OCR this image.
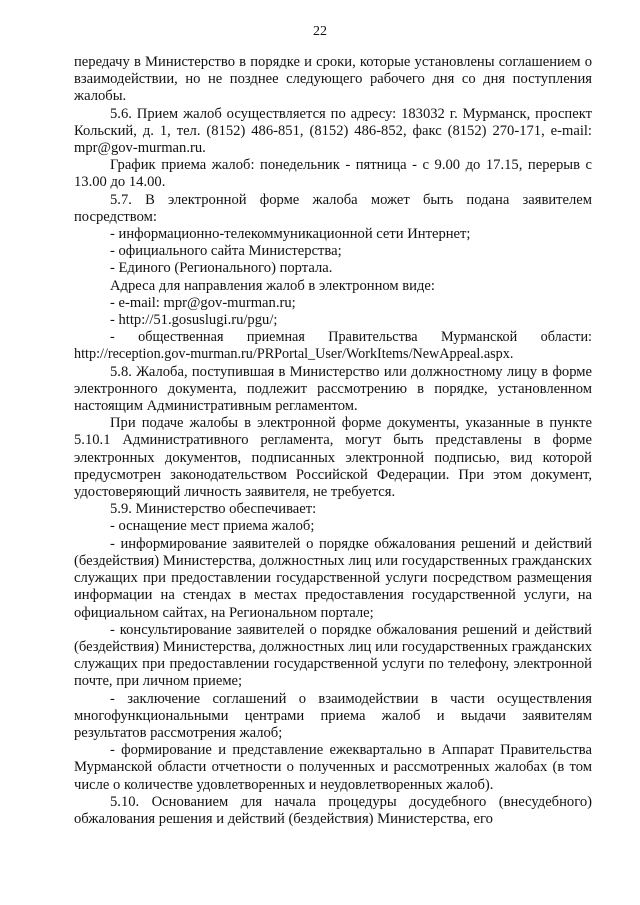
22

передачу в Министерство в порядке и сроки, которые установлены соглашением о взаимодействии, но не позднее следующего рабочего дня со дня поступления жалобы.

5.6. Прием жалоб осуществляется по адресу: 183032 г. Мурманск, проспект Кольский, д. 1, тел. (8152) 486-851, (8152) 486-852, факс (8152) 270-171, e-mail: mpr@gov-murman.ru.

График приема жалоб: понедельник - пятница - с 9.00 до 17.15, перерыв с 13.00 до 14.00.

5.7. В электронной форме жалоба может быть подана заявителем посредством:

- информационно-телекоммуникационной сети Интернет;

- официального сайта Министерства;

- Единого (Регионального) портала.

Адреса для направления жалоб в электронном виде:

- e-mail: mpr@gov-murman.ru;

- http://51.gosuslugi.ru/pgu/;

- общественная приемная Правительства Мурманской области: http://reception.gov-murman.ru/PRPortal_User/WorkItems/NewAppeal.aspx.

5.8. Жалоба, поступившая в Министерство или должностному лицу в форме электронного документа, подлежит рассмотрению в порядке, установленном настоящим Административным регламентом.

При подаче жалобы в электронной форме документы, указанные в пункте 5.10.1 Административного регламента, могут быть представлены в форме электронных документов, подписанных электронной подписью, вид которой предусмотрен законодательством Российской Федерации. При этом документ, удостоверяющий личность заявителя, не требуется.

5.9. Министерство обеспечивает:

- оснащение мест приема жалоб;

- информирование заявителей о порядке обжалования решений и действий (бездействия) Министерства, должностных лиц или государственных гражданских служащих при предоставлении государственной услуги посредством размещения информации на стендах в местах предоставления государственной услуги, на официальном сайтах, на Региональном портале;

- консультирование заявителей о порядке обжалования решений и действий (бездействия) Министерства, должностных лиц или государственных гражданских служащих при предоставлении государственной услуги по телефону, электронной почте, при личном приеме;

- заключение соглашений о взаимодействии в части осуществления многофункциональными центрами приема жалоб и выдачи заявителям результатов рассмотрения жалоб;

- формирование и представление ежеквартально в Аппарат Правительства Мурманской области отчетности о полученных и рассмотренных жалобах (в том числе о количестве удовлетворенных и неудовлетворенных жалоб).

5.10. Основанием для начала процедуры досудебного (внесудебного) обжалования решения и действий (бездействия) Министерства, его
